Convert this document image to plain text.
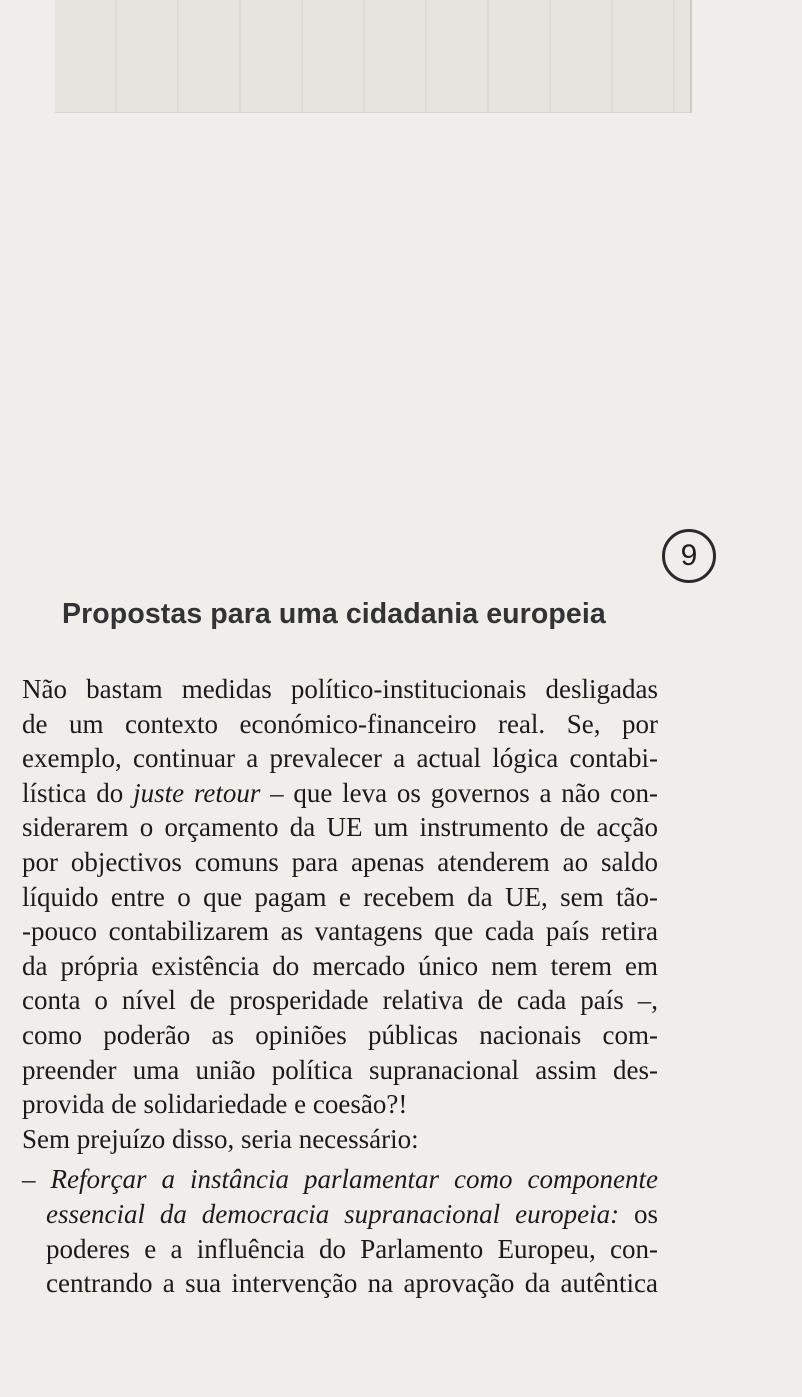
9
Propostas para uma cidadania europeia
Não bastam medidas político-institucionais desligadas
de um contexto económico-financeiro real. Se, por
exemplo, continuar a prevalecer a actual lógica contabi-
lística do juste retour – que leva os governos a não con-
siderarem o orçamento da UE um instrumento de acção
por objectivos comuns para apenas atenderem ao saldo
líquido entre o que pagam e recebem da UE, sem tão-
-pouco contabilizarem as vantagens que cada país retira
da própria existência do mercado único nem terem em
conta o nível de prosperidade relativa de cada país –,
como poderão as opiniões públicas nacionais com-
preender uma união política supranacional assim des-
provida de solidariedade e coesão?!
Sem prejuízo disso, seria necessário:
– Reforçar a instância parlamentar como componente
essencial da democracia supranacional europeia: os
poderes e a influência do Parlamento Europeu, con-
centrando a sua intervenção na aprovação da autêntica
